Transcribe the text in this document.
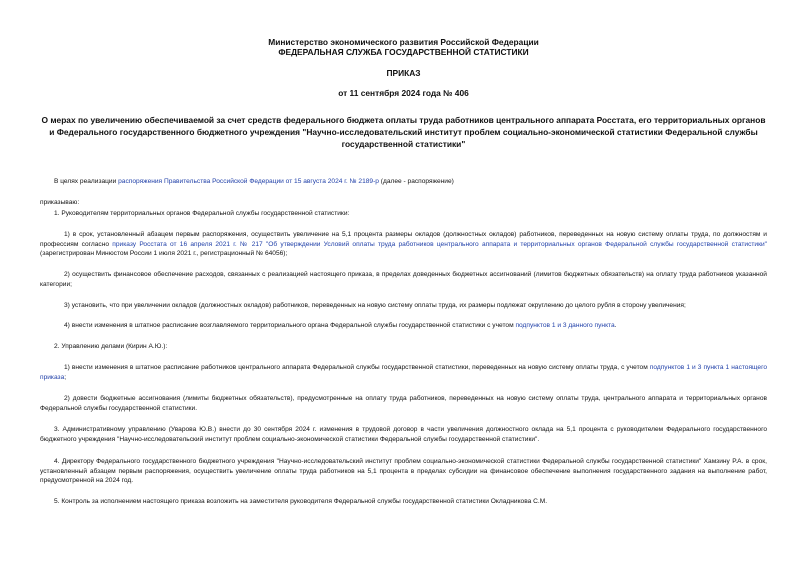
Министерство экономического развития Российской Федерации
ФЕДЕРАЛЬНАЯ СЛУЖБА ГОСУДАРСТВЕННОЙ СТАТИСТИКИ
ПРИКАЗ
от 11 сентября 2024 года № 406
О мерах по увеличению обеспечиваемой за счет средств федерального бюджета оплаты труда работников центрального аппарата Росстата, его территориальных органов и Федерального государственного бюджетного учреждения "Научно-исследовательский институт проблем социально-экономической статистики Федеральной службы государственной статистики"
В целях реализации распоряжения Правительства Российской Федерации от 15 августа 2024 г. № 2189-р (далее - распоряжение)
приказываю:
1. Руководителям территориальных органов Федеральной службы государственной статистики:
1) в срок, установленный абзацем первым распоряжения, осуществить увеличение на 5,1 процента размеры окладов (должностных окладов) работников, переведенных на новую систему оплаты труда, по должностям и профессиям согласно приказу Росстата от 16 апреля 2021 г. № 217 "Об утверждении Условий оплаты труда работников центрального аппарата и территориальных органов Федеральной службы государственной статистики" (зарегистрирован Минюстом России 1 июля 2021 г., регистрационный № 64056);
2) осуществить финансовое обеспечение расходов, связанных с реализацией настоящего приказа, в пределах доведенных бюджетных ассигнований (лимитов бюджетных обязательств) на оплату труда работников указанной категории;
3) установить, что при увеличении окладов (должностных окладов) работников, переведенных на новую систему оплаты труда, их размеры подлежат округлению до целого рубля в сторону увеличения;
4) внести изменения в штатное расписание возглавляемого территориального органа Федеральной службы государственной статистики с учетом подпунктов 1 и 3 данного пункта.
2. Управлению делами (Кирин А.Ю.):
1) внести изменения в штатное расписание работников центрального аппарата Федеральной службы государственной статистики, переведенных на новую систему оплаты труда, с учетом подпунктов 1 и 3 пункта 1 настоящего приказа;
2) довести бюджетные ассигнования (лимиты бюджетных обязательств), предусмотренные на оплату труда работников, переведенных на новую систему оплаты труда, центрального аппарата и территориальных органов Федеральной службы государственной статистики.
3. Административному управлению (Уварова Ю.В.) внести до 30 сентября 2024 г. изменения в трудовой договор в части увеличения должностного оклада на 5,1 процента с руководителем Федерального государственного бюджетного учреждения "Научно-исследовательский институт проблем социально-экономической статистики Федеральной службы государственной статистики".
4. Директору Федерального государственного бюджетного учреждения "Научно-исследовательский институт проблем социально-экономической статистики Федеральной службы государственной статистики" Хамзину Р.А. в срок, установленный абзацем первым распоряжения, осуществить увеличение оплаты труда работников на 5,1 процента в пределах субсидии на финансовое обеспечение выполнения государственного задания на выполнение работ, предусмотренной на 2024 год.
5. Контроль за исполнением настоящего приказа возложить на заместителя руководителя Федеральной службы государственной статистики Окладникова С.М.
